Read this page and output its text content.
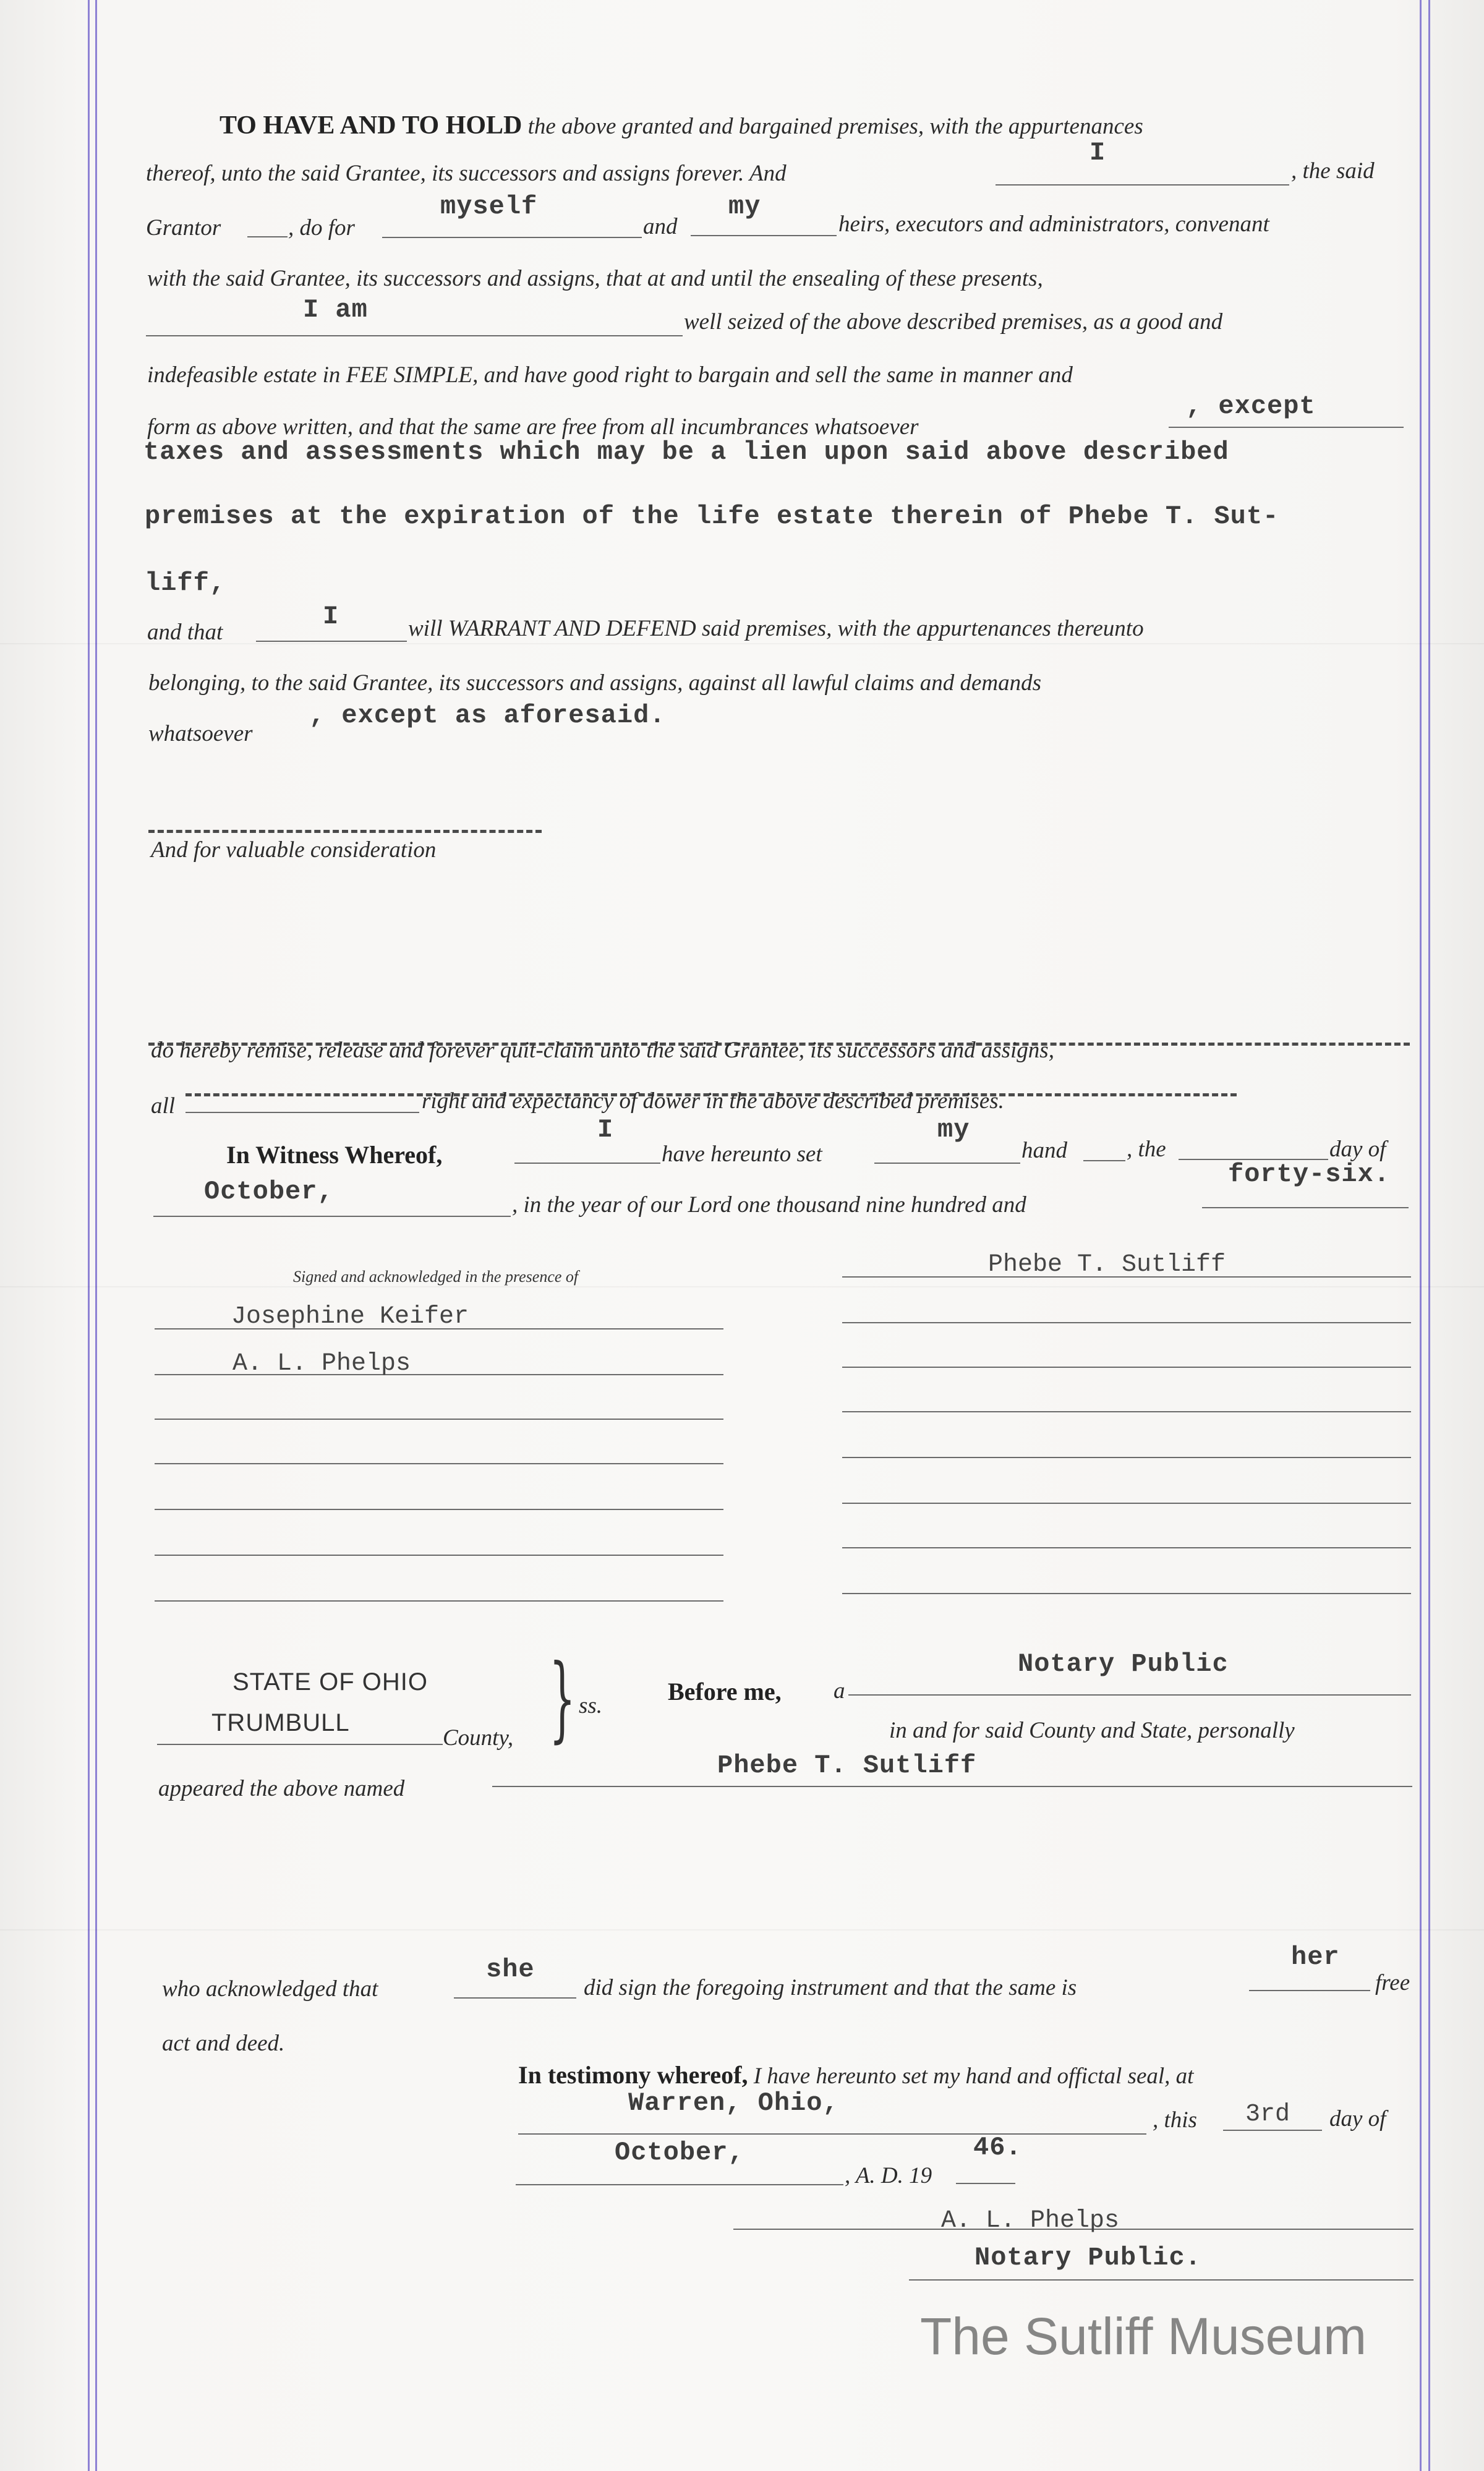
TO HAVE AND TO HOLD the above granted and bargained premises, with the appurtenances
thereof, unto the said Grantee, its successors and assigns forever. And
I
, the said
Grantor	, do for
myself
and
my
heirs, executors and administrators, convenant
with the said Grantee, its successors and assigns, that at and until the ensealing of these presents,
I am	well seized of the above described premises, as a good and
indefeasible estate in FEE SIMPLE, and have good right to bargain and sell the same in manner and
form as above written, and that the same are free from all incumbrances whatsoever
, except
taxes and assessments which may be a lien upon said above described
premises at the expiration of the life estate therein of Phebe T. Sut-
liff,
and that
I	will WARRANT AND DEFEND said premises, with the appurtenances thereunto
belonging, to the said Grantee, its successors and assigns, against all lawful claims and demands
whatsoever
, except as aforesaid.
And for valuable consideration
do hereby remise, release and forever quit-claim unto the said Grantee, its successors and assigns,
all	right and expectancy of dower in the above described premises.
In Witness Whereof,
I
have hereunto set
my
hand	, the	day of
October,	, in the year of our Lord one thousand nine hundred and
forty-six.
Signed and acknowledged in the presence of
Josephine Keifer
A. L. Phelps
Phebe T. Sutliff
STATE OF OHIO
TRUMBULL
County, } ss.
Before me, a
Notary Public
in and for said County and State, personally
appeared the above named
Phebe T. Sutliff
who acknowledged that
she
did sign the foregoing instrument and that the same is
her
free
act and deed.
In testimony whereof, I have hereunto set my hand and offictal seal, at
Warren, Ohio,
, this 3rd day of
October,
, A. D. 19
46.
A. L. Phelps
Notary Public.
The Sutliff Museum
